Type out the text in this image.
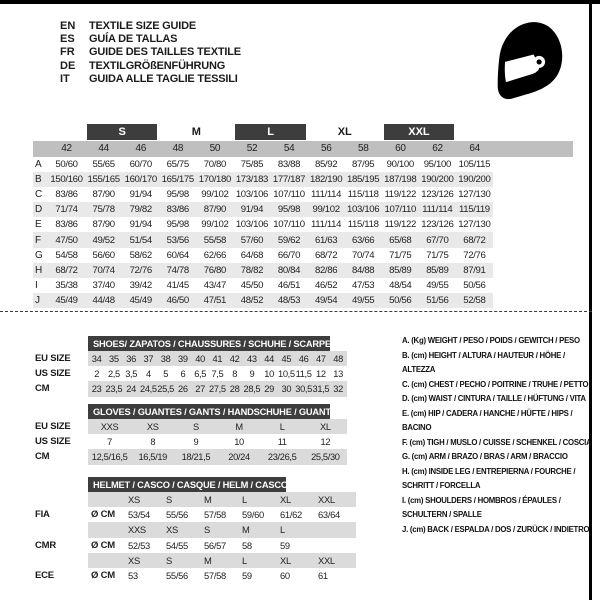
EN	TEXTILE SIZE GUIDE
ES	GUÍA DE TALLAS
FR	GUIDE DES TAILLES TEXTILE
DE	TEXTILGRÖßENFÜHRUNG
IT	GUIDA ALLE TAGLIE TESSILI
S	M	L	XL	XXL
42	44	46	48	50	52	54	56	58	60	62	64
A	50/60	55/65	60/70	65/75	70/80	75/85	83/88	85/92	87/95	90/100	95/100 105/115
B 150/160 155/165 160/170 165/175 170/180 173/183 177/187 182/190 185/195 187/198 190/200 190/200
C	83/86	87/90	91/94	95/98	99/102 103/106 107/110 111/114 115/118 119/122 123/126 127/130
D	71/74	75/78	79/82	83/86	87/90	91/94	95/98	99/102 103/106 107/110 111/114 115/119
E	83/86	87/90	91/94	95/98	99/102 103/106 107/110 111/114 115/118 119/122 123/126 127/130
F	47/50	49/52	51/54	53/56	55/58	57/60	59/62	61/63	63/66	65/68	67/70	68/72
G	54/58	56/60	58/62	60/64	62/66	64/68	66/70	68/72	70/74	71/75	71/75	72/76
H	68/72	70/74	72/76	74/78	76/80	78/82	80/84	82/86	84/88	85/89	85/89	87/91
I	35/38	37/40	39/42	41/45	43/47	45/50	46/51	46/52	47/53	48/54	49/55	50/56
J	45/49	44/48	45/49	46/50	47/51	48/52	48/53	49/54	49/55	50/56	51/56	52/58
SHOES/ ZAPATOS / CHAUSSURES / SCHUHE / SCARPE
EU SIZE	34 35 36 37 38 39 40 41 42 43 44 45 46 47 48
US SIZE	2 2,5 3,5 4	5	6 6,5 7,5 8	9	10 10,5 11,5 12 13
CM	23 23,5 24 24,5 25,5 26 27 27,5 28 28,5 29 30 30,5 31,5 32
GLOVES / GUANTES / GANTS / HANDSCHUHE / GUANTI
EU SIZE	XXS	XS	S	M	L	XL
US SIZE	7	8	9	10	11	12
CM	12,5/16,5	16,5/19	18/21,5	20/24	23/26,5	25,5/30
HELMET / CASCO / CASQUE / HELM / CASCO
XS	S	M	L	XL	XXL
FIA	Ø CM	53/54	55/56	57/58	59/60	61/62	63/64
XXS	XS	S	M	L
CMR	Ø CM	52/53	54/55	56/57	58	59
XS	S	M	L	XL	XXL
ECE	Ø CM	53	55/56	57/58	59	60	61
A. (Kg) WEIGHT / PESO / POIDS / GEWITCH / PESO
B. (cm) HEIGHT / ALTURA / HAUTEUR / HÖHE / ALTEZZA
C. (cm) CHEST / PECHO / POITRINE / TRUHE / PETTO
D. (cm) WAIST / CINTURA / TAILLE / HÜFTUNG / VITA
E. (cm) HIP / CADERA / HANCHE / HÜFTE / HIPS / BACINO
F. (cm) TIGH / MUSLO / CUISSE / SCHENKEL / COSCIA
G. (cm) ARM / BRAZO / BRAS / ARM / BRACCIO
H. (cm) INSIDE LEG / ENTREPIERNA / FOURCHE / SCHRITT / FORCELLA
I. (cm) SHOULDERS / HOMBROS / ÉPAULES / SCHULTERN / SPALLE
J. (cm) BACK / ESPALDA / DOS / ZURÜCK / INDIETRO
